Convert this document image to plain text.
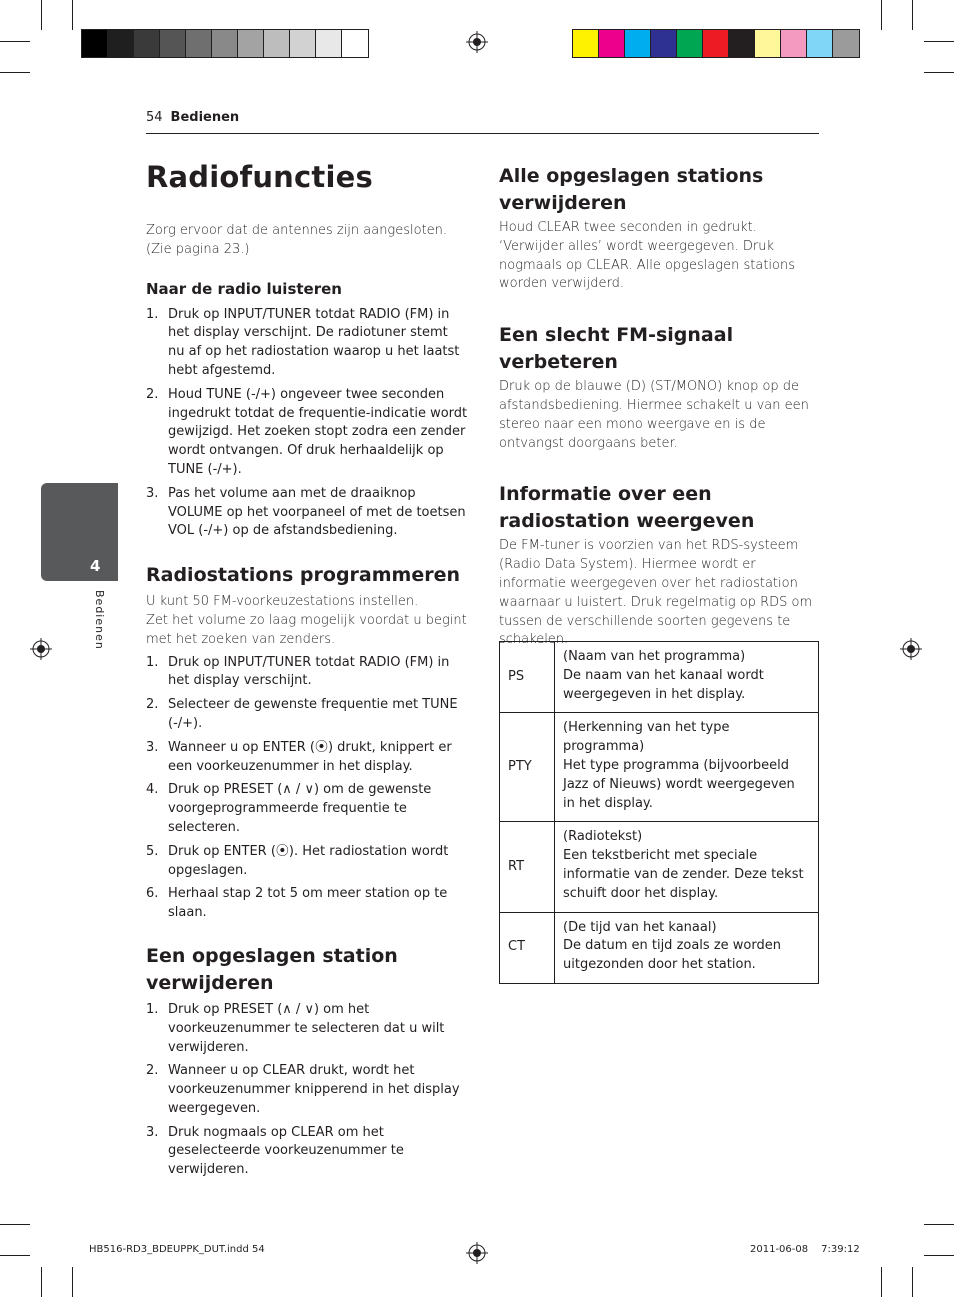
54 Bedienen
4
Bedienen
Radiofuncties
Zorg ervoor dat de antennes zijn aangesloten.
(Zie pagina 23.)
Naar de radio luisteren
1. Druk op INPUT/TUNER totdat RADIO (FM) in het display verschijnt. De radiotuner stemt nu af op het radiostation waarop u het laatst hebt afgestemd.
2. Houd TUNE (-/+) ongeveer twee seconden ingedrukt totdat de frequentie-indicatie wordt gewijzigd. Het zoeken stopt zodra een zender wordt ontvangen. Of druk herhaaldelijk op TUNE (-/+).
3. Pas het volume aan met de draaiknop VOLUME op het voorpaneel of met de toetsen VOL (-/+) op de afstandsbediening.
Radiostations programmeren
U kunt 50 FM-voorkeuzestations instellen.
Zet het volume zo laag mogelijk voordat u begint met het zoeken van zenders.
1. Druk op INPUT/TUNER totdat RADIO (FM) in het display verschijnt.
2. Selecteer de gewenste frequentie met TUNE (-/+).
3. Wanneer u op ENTER (⦿) drukt, knippert er een voorkeuzenummer in het display.
4. Druk op PRESET (∧ / ∨) om de gewenste voorgeprogrammeerde frequentie te selecteren.
5. Druk op ENTER (⦿). Het radiostation wordt opgeslagen.
6. Herhaal stap 2 tot 5 om meer station op te slaan.
Een opgeslagen station verwijderen
1. Druk op PRESET (∧ / ∨) om het voorkeuzenummer te selecteren dat u wilt verwijderen.
2. Wanneer u op CLEAR drukt, wordt het voorkeuzenummer knipperend in het display weergegeven.
3. Druk nogmaals op CLEAR om het geselecteerde voorkeuzenummer te verwijderen.
Alle opgeslagen stations verwijderen
Houd CLEAR twee seconden in gedrukt. ‘Verwijder alles’ wordt weergegeven. Druk nogmaals op CLEAR. Alle opgeslagen stations worden verwijderd.
Een slecht FM-signaal verbeteren
Druk op de blauwe (D) (ST/MONO) knop op de afstandsbediening. Hiermee schakelt u van een stereo naar een mono weergave en is de ontvangst doorgaans beter.
Informatie over een radiostation weergeven
De FM-tuner is voorzien van het RDS-systeem (Radio Data System). Hiermee wordt er informatie weergegeven over het radiostation waarnaar u luistert. Druk regelmatig op RDS om tussen de verschillende soorten gegevens te schakelen.
PS	(Naam van het programma)
De naam van het kanaal wordt weergegeven in het display.
PTY	(Herkenning van het type programma)
Het type programma (bijvoorbeeld Jazz of Nieuws) wordt weergegeven in het display.
RT	(Radiotekst)
Een tekstbericht met speciale informatie van de zender. Deze tekst schuift door het display.
CT	(De tijd van het kanaal)
De datum en tijd zoals ze worden uitgezonden door het station.
HB516-RD3_BDEUPPK_DUT.indd 54	2011-06-08 ￼ 7:39:12
